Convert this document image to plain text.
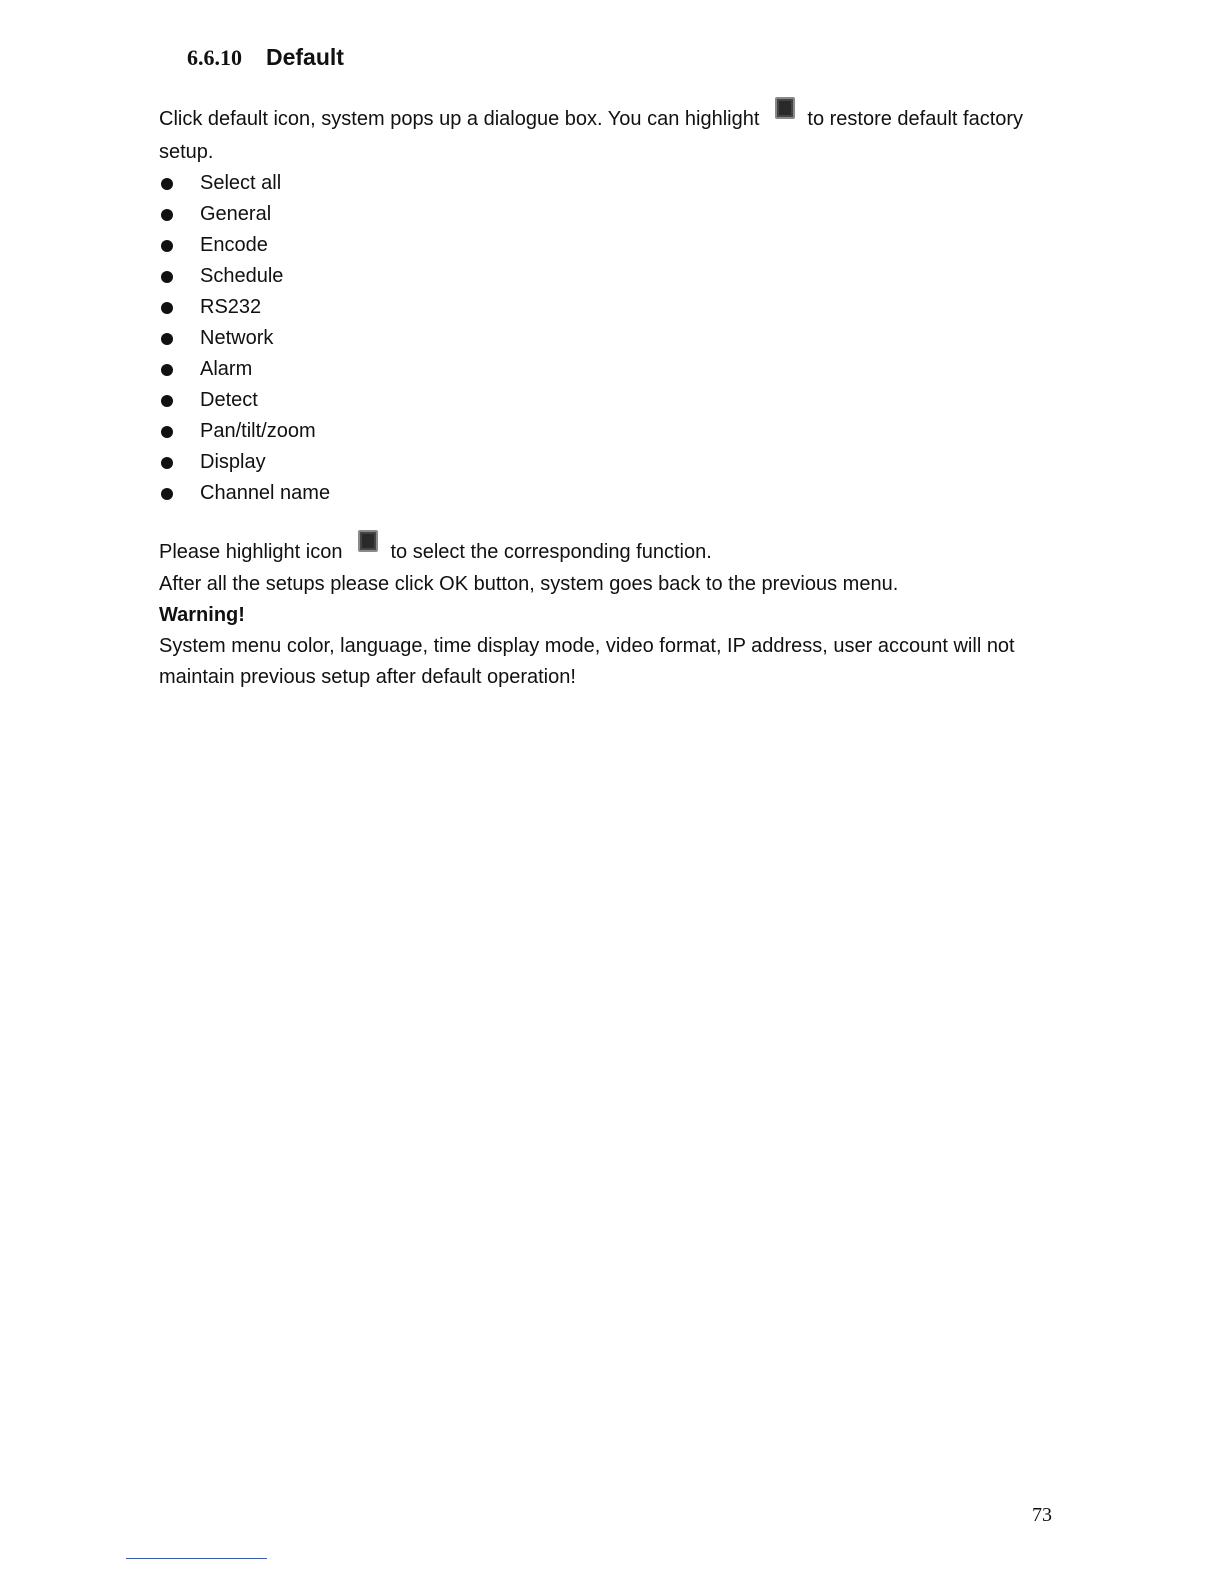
6.6.10 Default
Click default icon, system pops up a dialogue box. You can highlight to restore default factory
setup.
Select all
General
Encode
Schedule
RS232
Network
Alarm
Detect
Pan/tilt/zoom
Display
Channel name
Please highlight icon to select the corresponding function.
After all the setups please click OK button, system goes back to the previous menu.
Warning!
System menu color, language, time display mode, video format, IP address, user account will not
maintain previous setup after default operation!
73
